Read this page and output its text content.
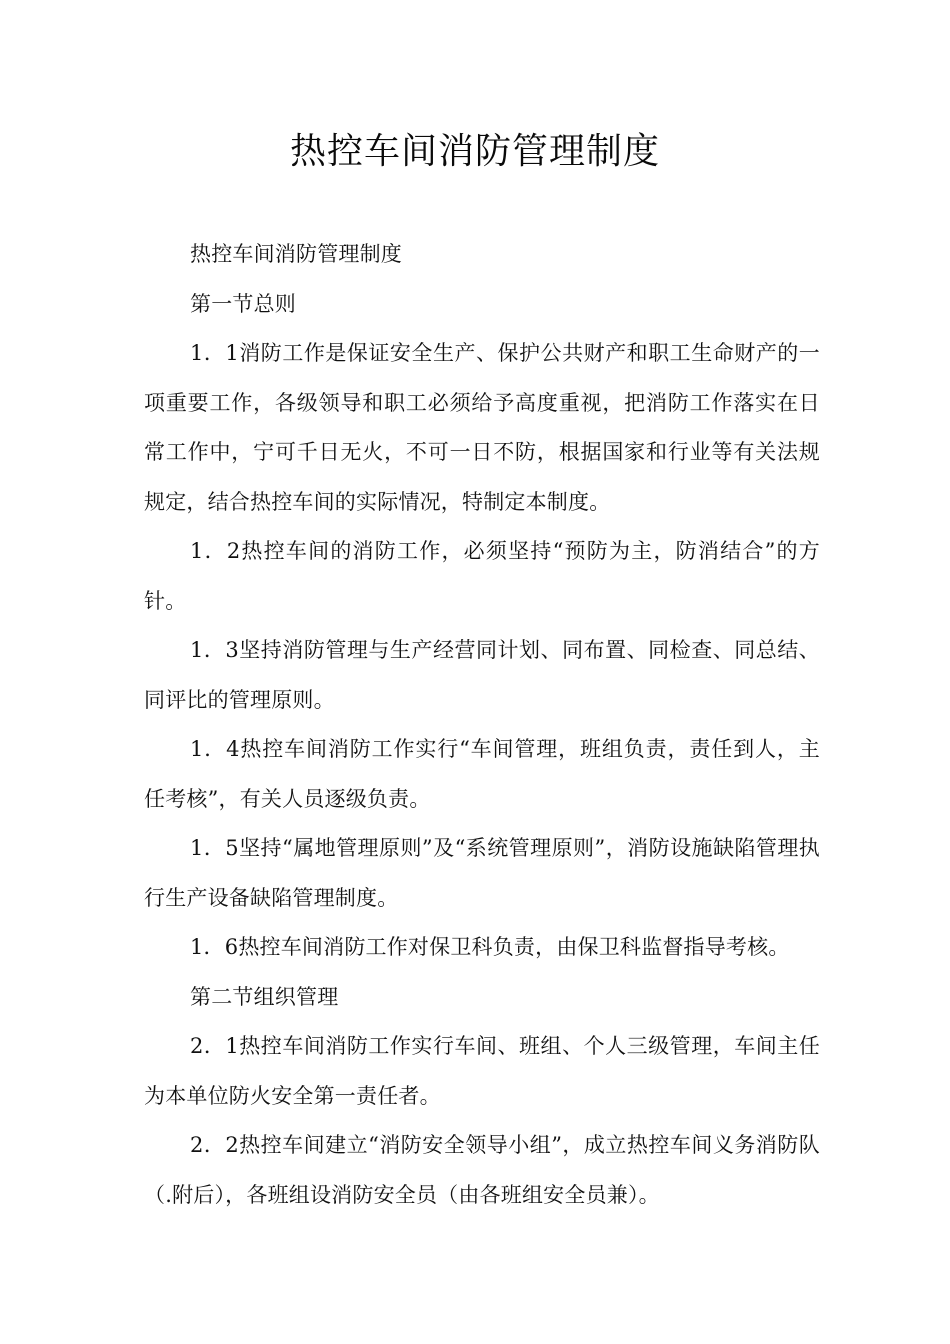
热控车间消防管理制度

热控车间消防管理制度

第一节总则

1．1消防工作是保证安全生产、保护公共财产和职工生命财产的一项重要工作，各级领导和职工必须给予高度重视，把消防工作落实在日常工作中，宁可千日无火，不可一日不防，根据国家和行业等有关法规规定，结合热控车间的实际情况，特制定本制度。

1．2热控车间的消防工作，必须坚持“预防为主，防消结合”的方针。

1．3坚持消防管理与生产经营同计划、同布置、同检查、同总结、同评比的管理原则。

1．4热控车间消防工作实行“车间管理，班组负责，责任到人，主任考核”，有关人员逐级负责。

1．5坚持“属地管理原则”及“系统管理原则”，消防设施缺陷管理执行生产设备缺陷管理制度。

1．6热控车间消防工作对保卫科负责，由保卫科监督指导考核。

第二节组织管理

2．1热控车间消防工作实行车间、班组、个人三级管理，车间主任为本单位防火安全第一责任者。

2．2热控车间建立“消防安全领导小组”，成立热控车间义务消防队（.附后），各班组设消防安全员（由各班组安全员兼）。
